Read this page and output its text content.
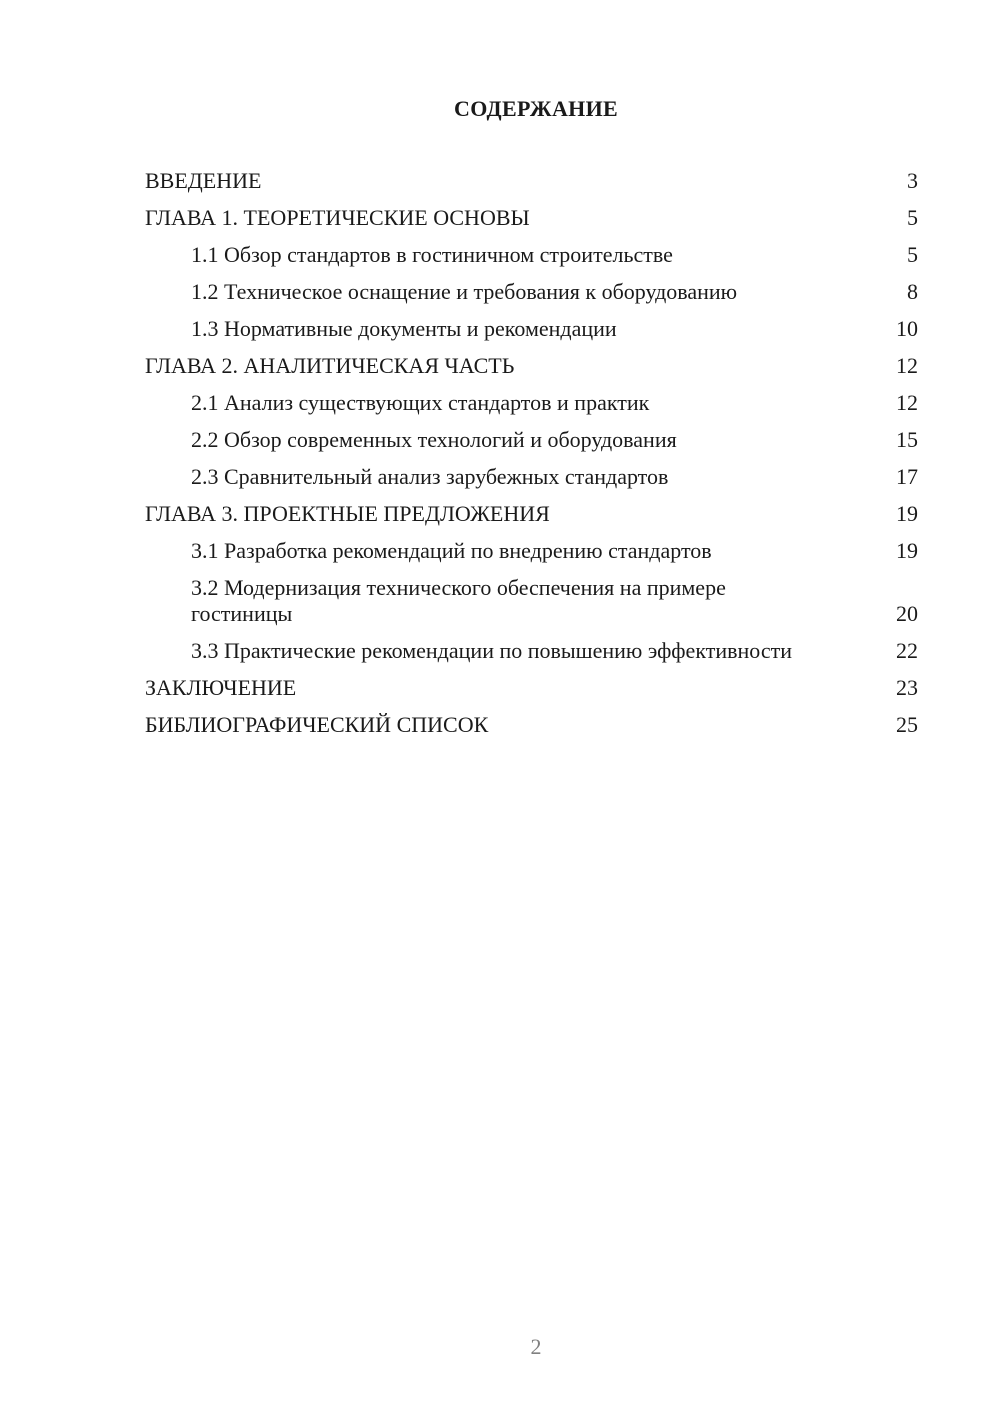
СОДЕРЖАНИЕ
ВВЕДЕНИЕ	3
ГЛАВА 1. ТЕОРЕТИЧЕСКИЕ ОСНОВЫ	5
1.1 Обзор стандартов в гостиничном строительстве	5
1.2 Техническое оснащение и требования к оборудованию	8
1.3 Нормативные документы и рекомендации	10
ГЛАВА 2. АНАЛИТИЧЕСКАЯ ЧАСТЬ	12
2.1 Анализ существующих стандартов и практик	12
2.2 Обзор современных технологий и оборудования	15
2.3 Сравнительный анализ зарубежных стандартов	17
ГЛАВА 3. ПРОЕКТНЫЕ ПРЕДЛОЖЕНИЯ	19
3.1 Разработка рекомендаций по внедрению стандартов	19
3.2 Модернизация технического обеспечения на примере гостиницы	20
3.3 Практические рекомендации по повышению эффективности	22
ЗАКЛЮЧЕНИЕ	23
БИБЛИОГРАФИЧЕСКИЙ СПИСОК	25
2
